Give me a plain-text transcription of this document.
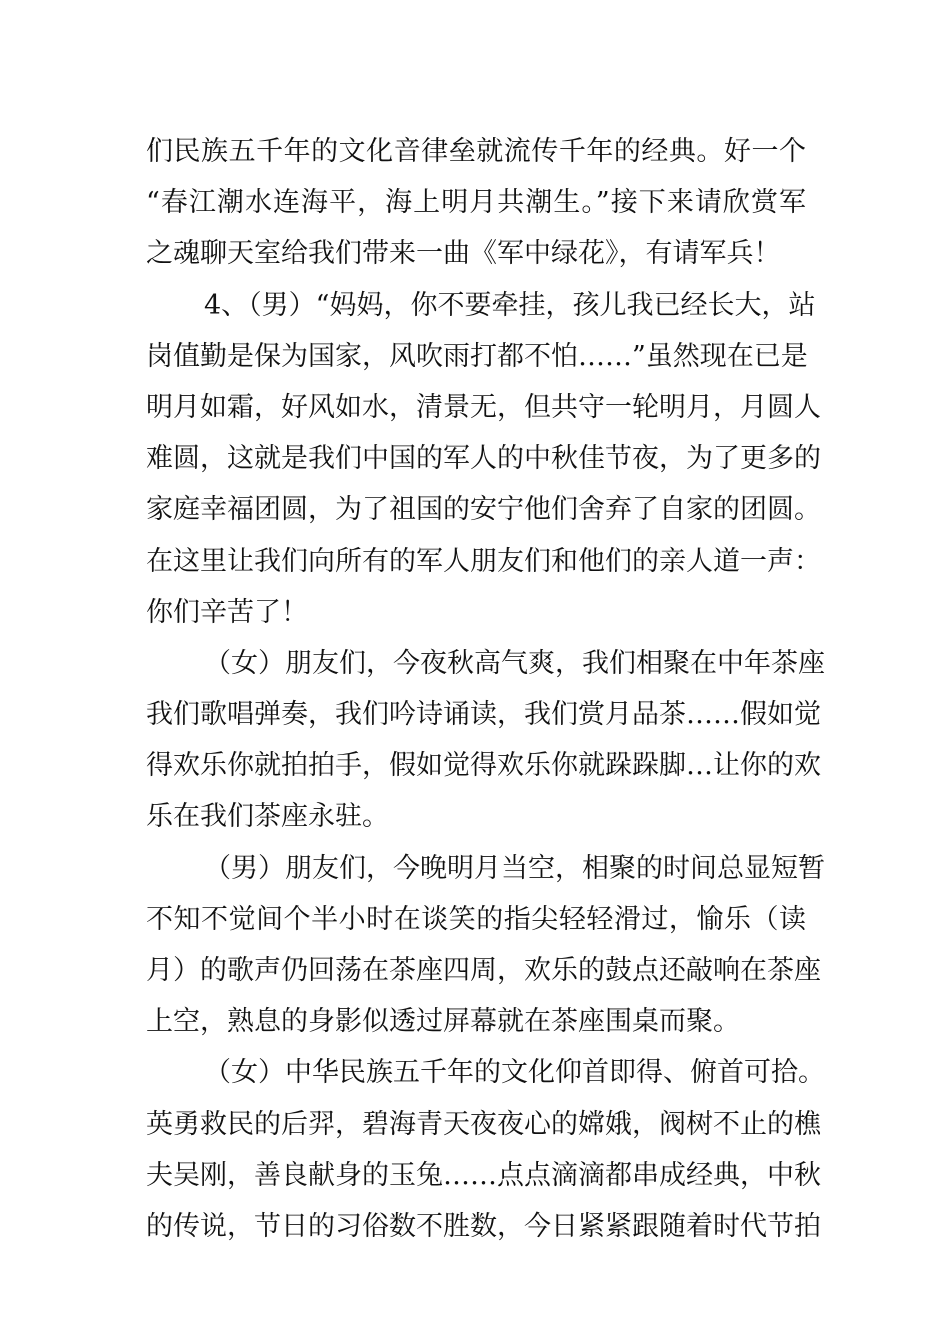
们民族五千年的文化音律垒就流传千年的经典。好一个
“春江潮水连海平，海上明月共潮生。”接下来请欣赏军
之魂聊天室给我们带来一曲《军中绿花》，有请军兵！
4、（男）“妈妈，你不要牵挂，孩儿我已经长大，站
岗值勤是保为国家，风吹雨打都不怕……”虽然现在已是
明月如霜，好风如水，清景无，但共守一轮明月，月圆人
难圆，这就是我们中国的军人的中秋佳节夜，为了更多的
家庭幸福团圆，为了祖国的安宁他们舍弃了自家的团圆。
在这里让我们向所有的军人朋友们和他们的亲人道一声：
你们辛苦了！
（女）朋友们，今夜秋高气爽，我们相聚在中年茶座
我们歌唱弹奏，我们吟诗诵读，我们赏月品茶……假如觉
得欢乐你就拍拍手，假如觉得欢乐你就跺跺脚…让你的欢
乐在我们茶座永驻。
（男）朋友们，今晚明月当空，相聚的时间总显短暂
不知不觉间个半小时在谈笑的指尖轻轻滑过，愉乐（读
月）的歌声仍回荡在茶座四周，欢乐的鼓点还敲响在茶座
上空，熟息的身影似透过屏幕就在茶座围桌而聚。
（女）中华民族五千年的文化仰首即得、俯首可拾。
英勇救民的后羿，碧海青天夜夜心的嫦娥，阀树不止的樵
夫吴刚，善良献身的玉兔……点点滴滴都串成经典，中秋
的传说，节日的习俗数不胜数，今日紧紧跟随着时代节拍
